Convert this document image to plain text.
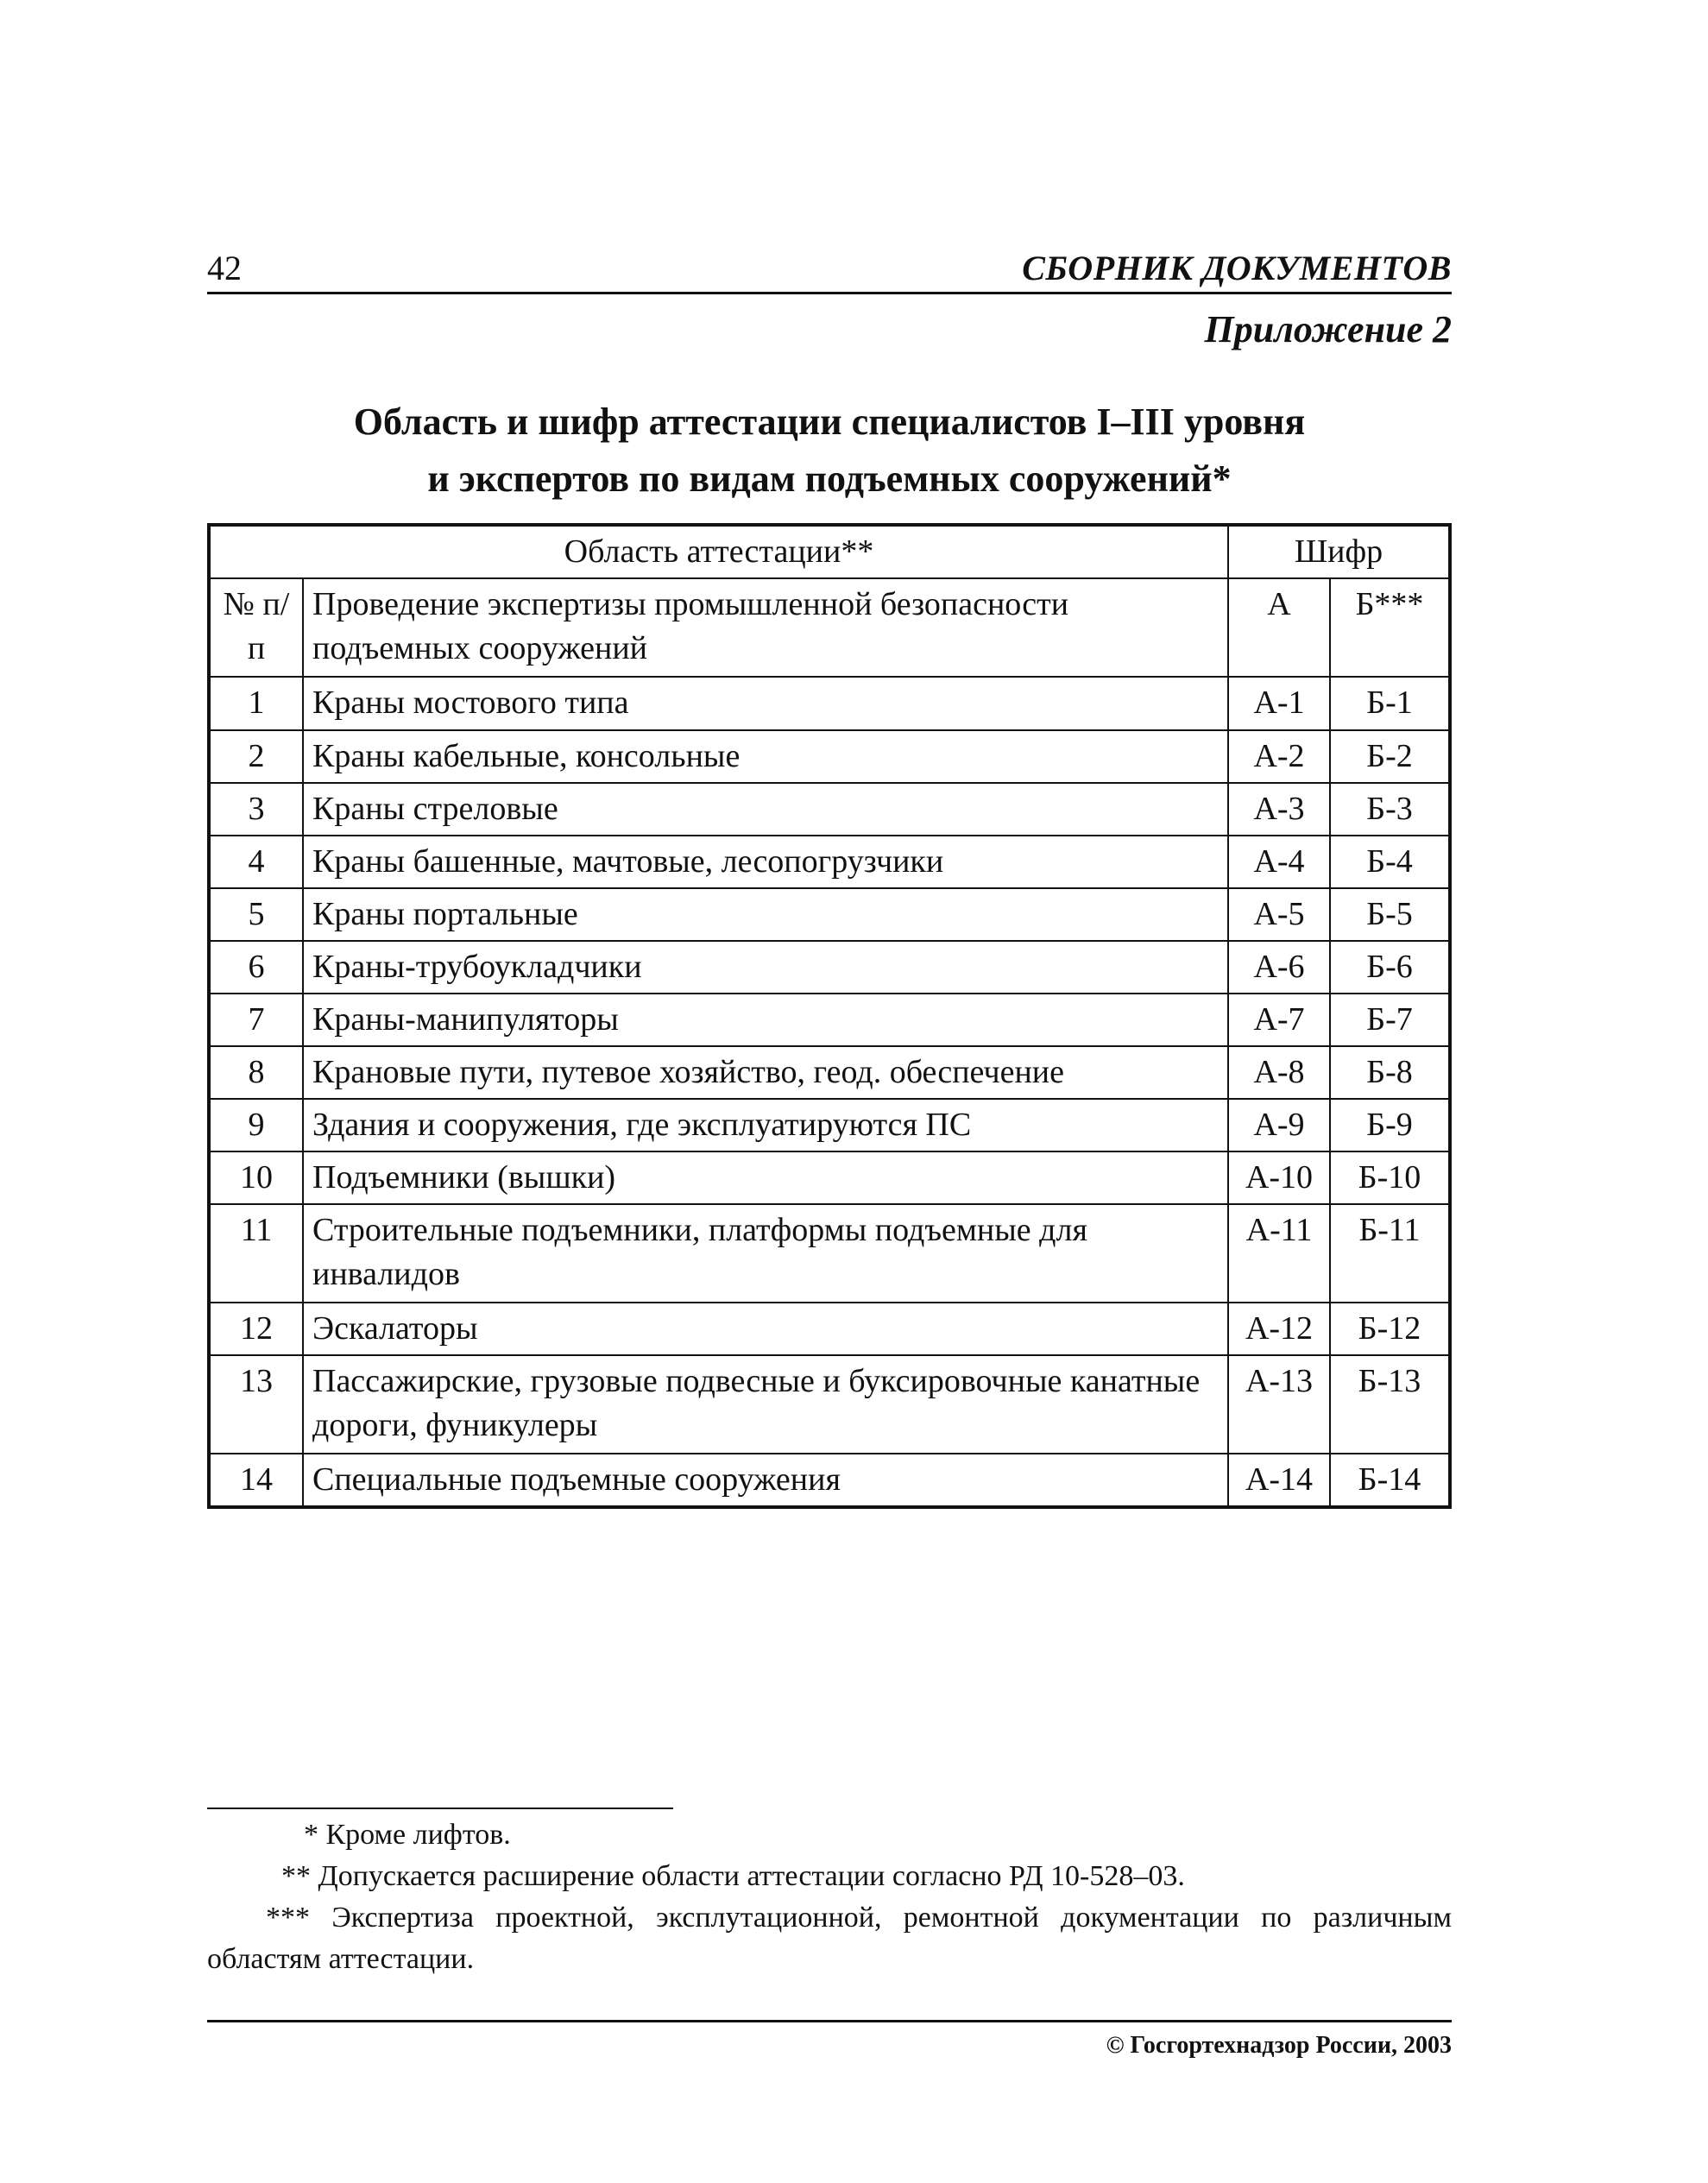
42	СБОРНИК ДОКУМЕНТОВ
Приложение 2
Область и шифр аттестации специалистов I–III уровня
и экспертов по видам подъемных сооружений*
Область аттестации**		Шифр	
№ п/п	Проведение экспертизы промышленной безопасности подъемных сооружений	А	Б***
1	Краны мостового типа	А-1	Б-1
2	Краны кабельные, консольные	А-2	Б-2
3	Краны стреловые	А-3	Б-3
4	Краны башенные, мачтовые, лесопогрузчики	А-4	Б-4
5	Краны портальные	А-5	Б-5
6	Краны-трубоукладчики	А-6	Б-6
7	Краны-манипуляторы	А-7	Б-7
8	Крановые пути, путевое хозяйство, геод. обеспечение	А-8	Б-8
9	Здания и сооружения, где эксплуатируются ПС	А-9	Б-9
10	Подъемники (вышки)	А-10	Б-10
11	Строительные подъемники, платформы подъемные для инвалидов	А-11	Б-11
12	Эскалаторы	А-12	Б-12
13	Пассажирские, грузовые подвесные и буксировочные канатные дороги, фуникулеры	А-13	Б-13
14	Специальные подъемные сооружения	А-14	Б-14

* Кроме лифтов.

** Допускается расширение области аттестации согласно РД 10-528–03.

*** Экспертиза проектной, эксплутационной, ремонтной документации по различным областям аттестации.

© Госгортехнадзор России, 2003
